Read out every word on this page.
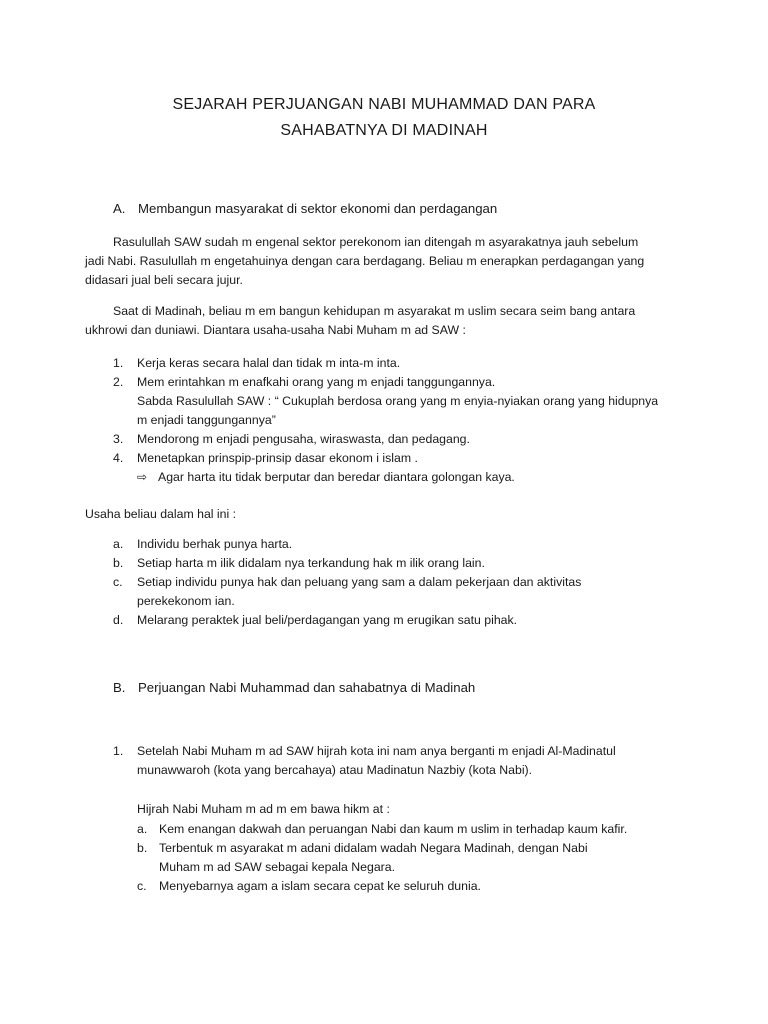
SEJARAH PERJUANGAN NABI MUHAMMAD DAN PARA
SAHABATNYA DI MADINAH
A. Membangun masyarakat di sektor ekonomi dan perdagangan
Rasulullah SAW sudah m engenal sektor perekonom ian ditengah m asyarakatnya jauh sebelum
jadi Nabi. Rasulullah m engetahuinya dengan cara berdagang. Beliau m enerapkan perdagangan yang
didasari jual beli secara jujur.
Saat di Madinah, beliau m em bangun kehidupan m asyarakat m uslim secara seim bang antara
ukhrowi dan duniawi. Diantara usaha-usaha Nabi Muham m ad SAW :
1.	Kerja keras secara halal dan tidak m inta-m inta.
2.	Mem erintahkan m enafkahi orang yang m enjadi tanggungannya.
Sabda Rasulullah SAW : “ Cukuplah berdosa orang yang m enyia-nyiakan orang yang hidupnya
m enjadi tanggungannya”
3.	Mendorong m enjadi pengusaha, wiraswasta, dan pedagang.
4.	Menetapkan prinspip-prinsip dasar ekonom i islam .
⇨ Agar harta itu tidak berputar dan beredar diantara golongan kaya.
Usaha beliau dalam hal ini :
a.	Individu berhak punya harta.
b.	Setiap harta m ilik didalam nya terkandung hak m ilik orang lain.
c.	Setiap individu punya hak dan peluang yang sam a dalam pekerjaan dan aktivitas
perekekonom ian.
d.	Melarang peraktek jual beli/perdagangan yang m erugikan satu pihak.
B. Perjuangan Nabi Muhammad dan sahabatnya di Madinah
1.	Setelah Nabi Muham m ad SAW hijrah kota ini nam anya berganti m enjadi Al-Madinatul
munawwaroh (kota yang bercahaya) atau Madinatun Nazbiy (kota Nabi).
Hijrah Nabi Muham m ad m em bawa hikm at :
a. Kem enangan dakwah dan peruangan Nabi dan kaum m uslim in terhadap kaum kafir.
b. Terbentuk m asyarakat m adani didalam wadah Negara Madinah, dengan Nabi
Muham m ad SAW sebagai kepala Negara.
c. Menyebarnya agam a islam secara cepat ke seluruh dunia.
